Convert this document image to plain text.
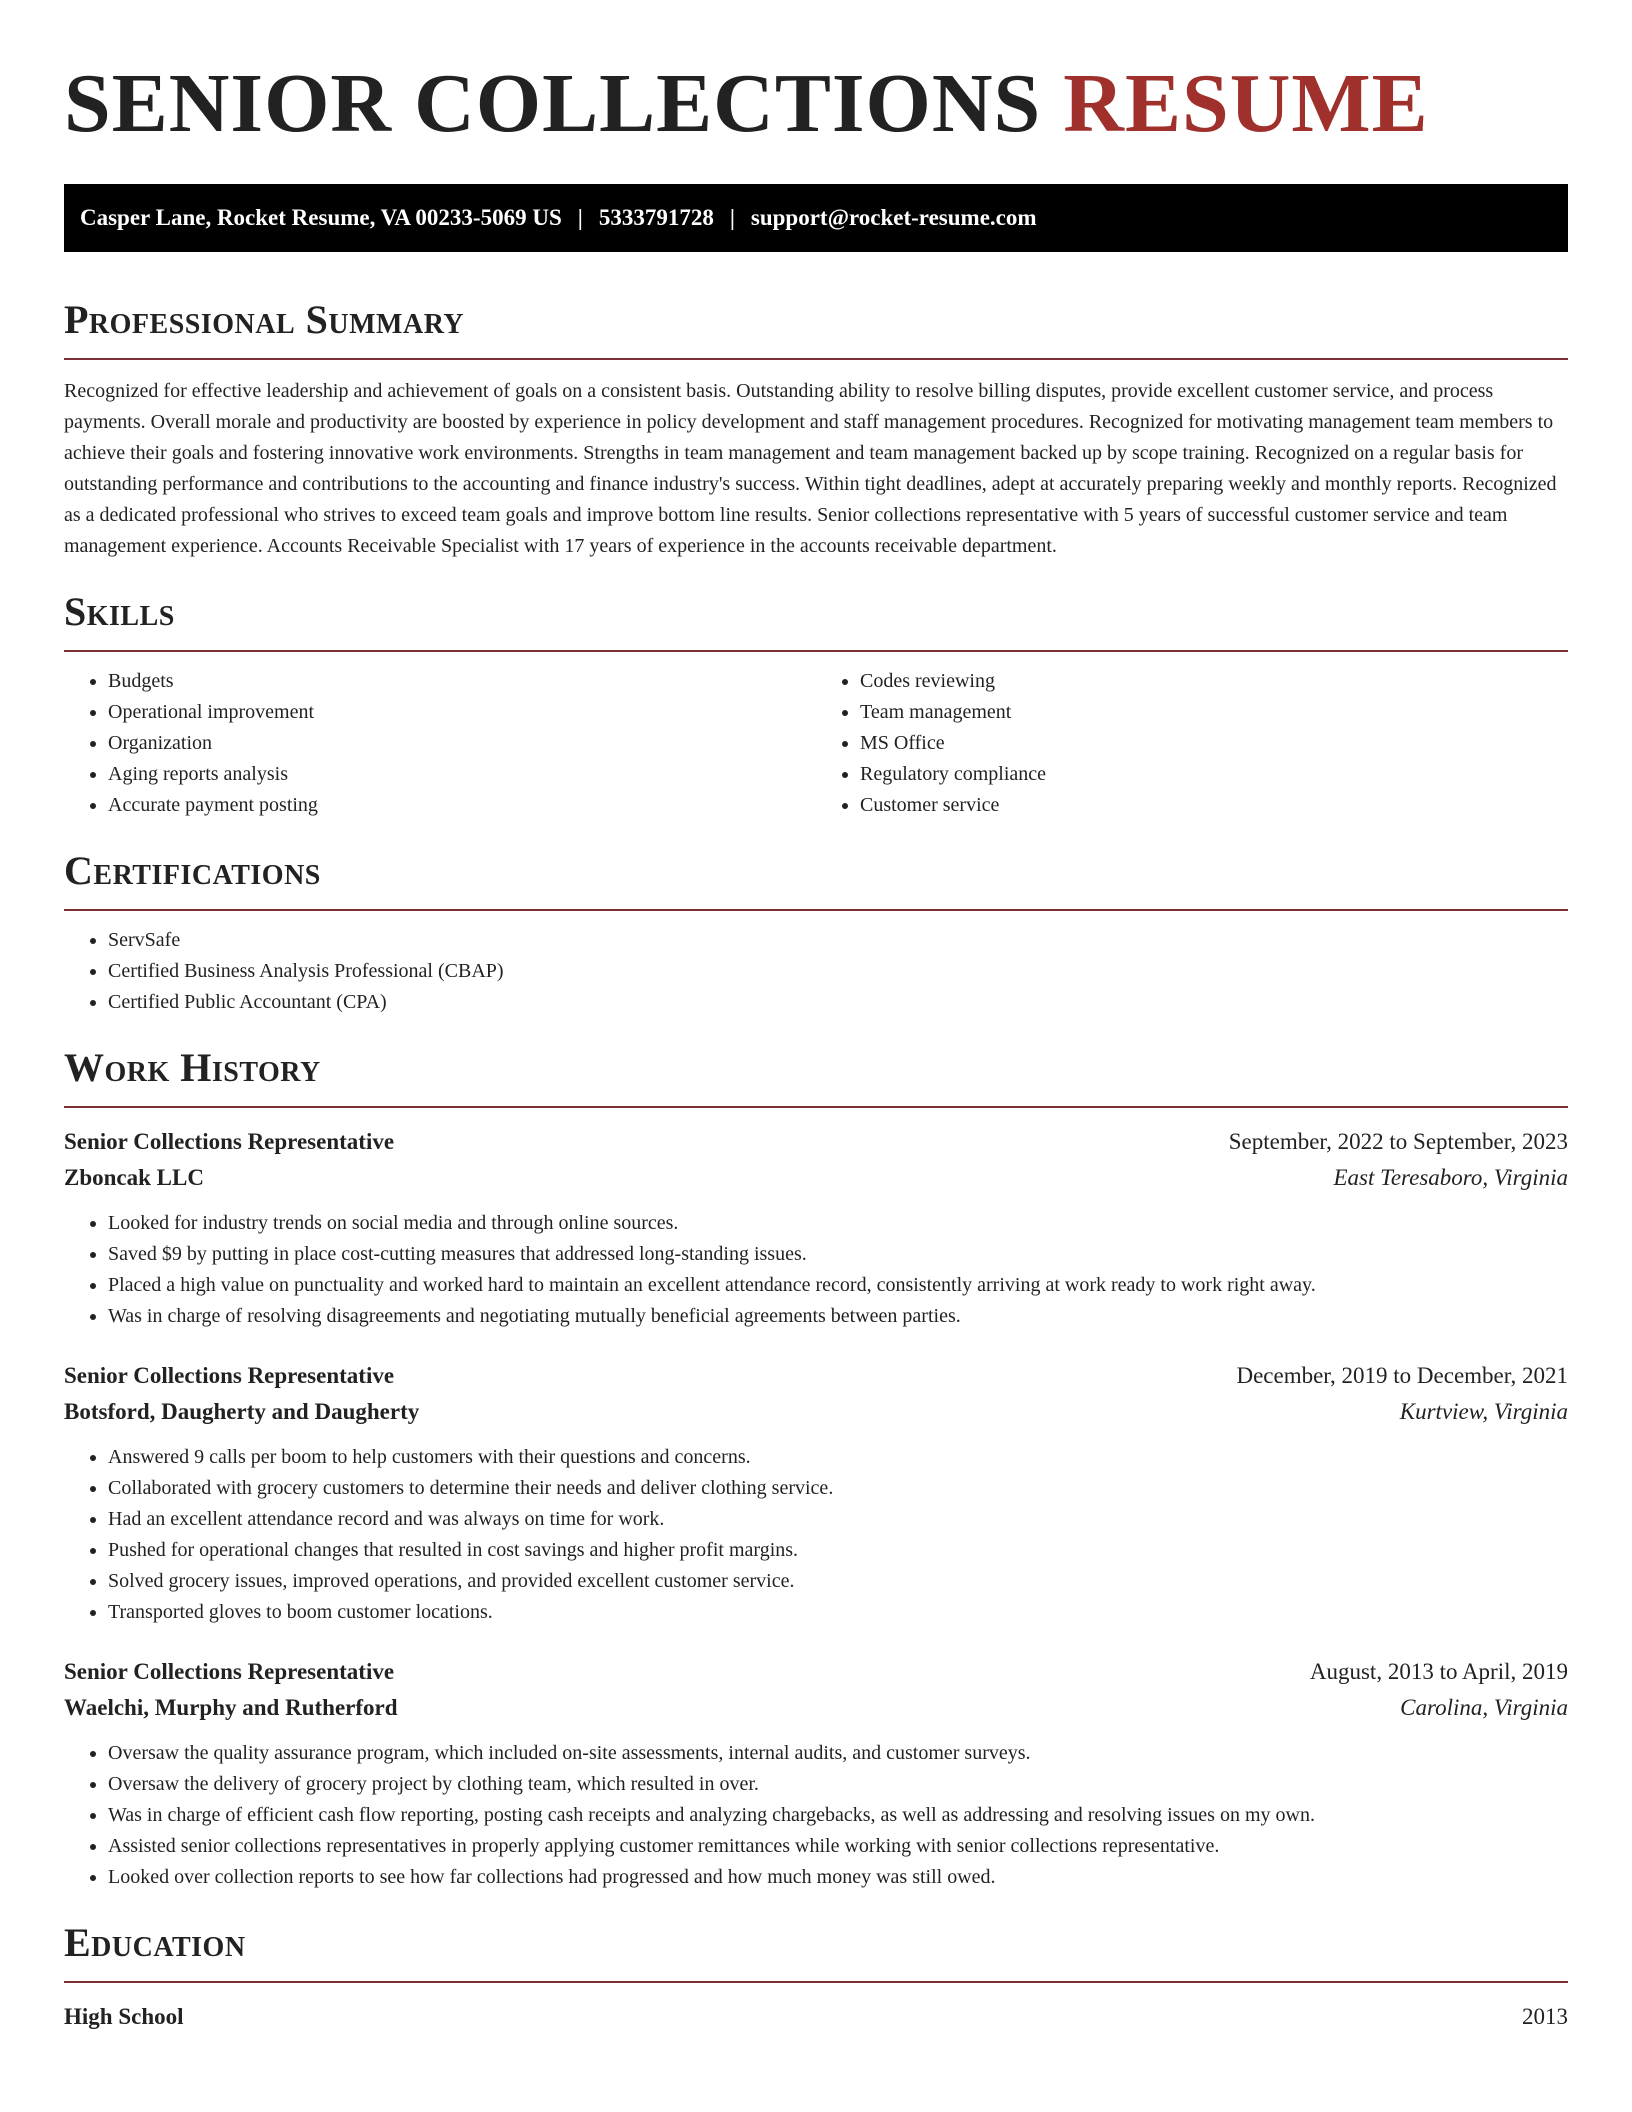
SENIOR COLLECTIONS RESUME
Casper Lane, Rocket Resume, VA 00233-5069 US | 5333791728 | support@rocket-resume.com
Professional Summary

Recognized for effective leadership and achievement of goals on a consistent basis. Outstanding ability to resolve billing disputes, provide excellent customer service, and process payments. Overall morale and productivity are boosted by experience in policy development and staff management procedures. Recognized for motivating management team members to achieve their goals and fostering innovative work environments. Strengths in team management and team management backed up by scope training. Recognized on a regular basis for outstanding performance and contributions to the accounting and finance industry's success. Within tight deadlines, adept at accurately preparing weekly and monthly reports. Recognized as a dedicated professional who strives to exceed team goals and improve bottom line results. Senior collections representative with 5 years of successful customer service and team management experience. Accounts Receivable Specialist with 17 years of experience in the accounts receivable department.

Skills
• Budgets
• Operational improvement
• Organization
• Aging reports analysis
• Accurate payment posting
• Codes reviewing
• Team management
• MS Office
• Regulatory compliance
• Customer service
Certifications
• ServSafe
• Certified Business Analysis Professional (CBAP)
• Certified Public Accountant (CPA)
Work History
Senior Collections Representative	September, 2022 to September, 2023
Zboncak LLC	East Teresaboro, Virginia
• Looked for industry trends on social media and through online sources.
• Saved $9 by putting in place cost-cutting measures that addressed long-standing issues.
• Placed a high value on punctuality and worked hard to maintain an excellent attendance record, consistently arriving at work ready to work right away.
• Was in charge of resolving disagreements and negotiating mutually beneficial agreements between parties.
Senior Collections Representative	December, 2019 to December, 2021
Botsford, Daugherty and Daugherty	Kurtview, Virginia
• Answered 9 calls per boom to help customers with their questions and concerns.
• Collaborated with grocery customers to determine their needs and deliver clothing service.
• Had an excellent attendance record and was always on time for work.
• Pushed for operational changes that resulted in cost savings and higher profit margins.
• Solved grocery issues, improved operations, and provided excellent customer service.
• Transported gloves to boom customer locations.
Senior Collections Representative	August, 2013 to April, 2019
Waelchi, Murphy and Rutherford	Carolina, Virginia
• Oversaw the quality assurance program, which included on-site assessments, internal audits, and customer surveys.
• Oversaw the delivery of grocery project by clothing team, which resulted in over.
• Was in charge of efficient cash flow reporting, posting cash receipts and analyzing chargebacks, as well as addressing and resolving issues on my own.
• Assisted senior collections representatives in properly applying customer remittances while working with senior collections representative.
• Looked over collection reports to see how far collections had progressed and how much money was still owed.
Education
High School	2013
